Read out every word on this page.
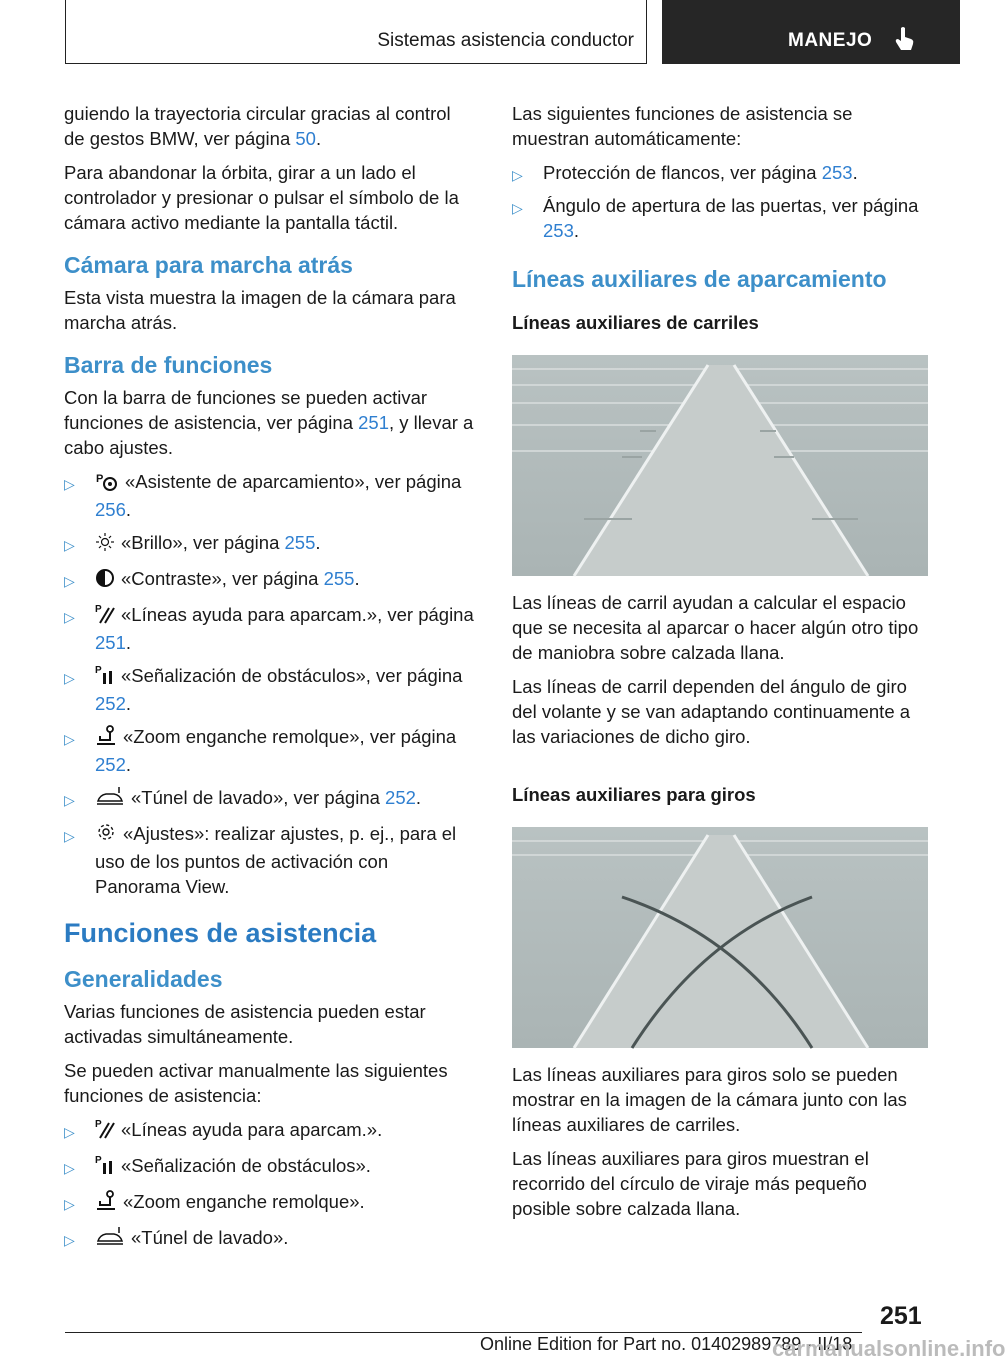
Sistemas asistencia conductor	MANEJO

guiendo la trayectoria circular gracias al control de gestos BMW, ver página 50.

Para abandonar la órbita, girar a un lado el controlador y presionar o pulsar el símbolo de la cámara activo mediante la pantalla táctil.

Cámara para marcha atrás

Esta vista muestra la imagen de la cámara para marcha atrás.

Barra de funciones

Con la barra de funciones se pueden activar funciones de asistencia, ver página 251, y llevar a cabo ajustes.

▷ P «Asistente de aparcamiento», ver página 256.
▷ «Brillo», ver página 255.
▷ «Contraste», ver página 255.
▷ P «Líneas ayuda para aparcam.», ver página 251.
▷ P «Señalización de obstáculos», ver página 252.
▷	«Zoom enganche remolque», ver página 252.
▷	«Túnel de lavado», ver página 252.
▷	«Ajustes»: realizar ajustes, p. ej., para el uso de los puntos de activación con Panorama View.
Funciones de asistencia
Generalidades

Varias funciones de asistencia pueden estar activadas simultáneamente.

Se pueden activar manualmente las siguientes funciones de asistencia:

▷ P «Líneas ayuda para aparcam.».
▷ P «Señalización de obstáculos».
▷	«Zoom enganche remolque».
▷	«Túnel de lavado».

Las siguientes funciones de asistencia se muestran automáticamente:

▷ Protección de flancos, ver página 253.
▷ Ángulo de apertura de las puertas, ver página 253.
Líneas auxiliares de aparcamiento
Líneas auxiliares de carriles

Las líneas de carril ayudan a calcular el espacio que se necesita al aparcar o hacer algún otro tipo de maniobra sobre calzada llana.

Las líneas de carril dependen del ángulo de giro del volante y se van adaptando continuamente a las variaciones de dicho giro.

Líneas auxiliares para giros

Las líneas auxiliares para giros solo se pueden mostrar en la imagen de la cámara junto con las líneas auxiliares de carriles.

Las líneas auxiliares para giros muestran el recorrido del círculo de viraje más pequeño posible sobre calzada llana.

251
Online Edition for Part no. 01402989789 - II/18
carmanualsonline.info
